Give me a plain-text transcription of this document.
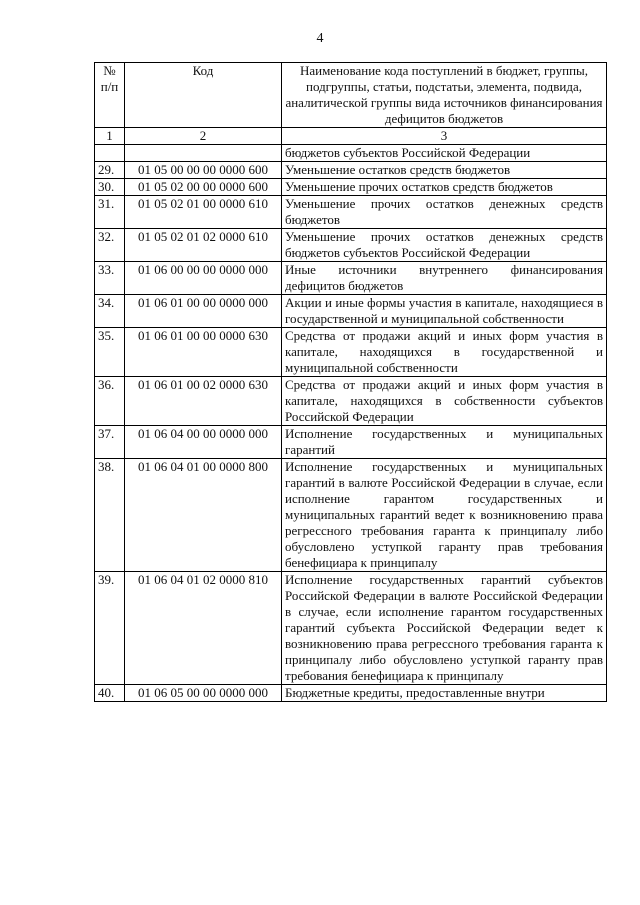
4
№ п/п	Код	Наименование кода поступлений в бюджет, группы, подгруппы, статьи, подстатьи, элемента, подвида, аналитической группы вида источников финансирования дефицитов бюджетов
1	2	3
		бюджетов субъектов Российской Федерации
29.	01 05 00 00 00 0000 600	Уменьшение остатков средств бюджетов
30.	01 05 02 00 00 0000 600	Уменьшение прочих остатков средств бюджетов
31.	01 05 02 01 00 0000 610	Уменьшение прочих остатков денежных средств бюджетов
32.	01 05 02 01 02 0000 610	Уменьшение прочих остатков денежных средств бюджетов субъектов Российской Федерации
33.	01 06 00 00 00 0000 000	Иные источники внутреннего финансирования дефицитов бюджетов
34.	01 06 01 00 00 0000 000	Акции и иные формы участия в капитале, находящиеся в государственной и муниципальной собственности
35.	01 06 01 00 00 0000 630	Средства от продажи акций и иных форм участия в капитале, находящихся в государственной и муниципальной собственности
36.	01 06 01 00 02 0000 630	Средства от продажи акций и иных форм участия в капитале, находящихся в собственности субъектов Российской Федерации
37.	01 06 04 00 00 0000 000	Исполнение государственных и муниципальных гарантий
38.	01 06 04 01 00 0000 800	Исполнение государственных и муниципальных гарантий в валюте Российской Федерации в случае, если исполнение гарантом государственных и муниципальных гарантий ведет к возникновению права регрессного требования гаранта к принципалу либо обусловлено уступкой гаранту прав требования бенефициара к принципалу
39.	01 06 04 01 02 0000 810	Исполнение государственных гарантий субъектов Российской Федерации в валюте Российской Федерации в случае, если исполнение гарантом государственных гарантий субъекта Российской Федерации ведет к возникновению права регрессного требования гаранта к принципалу либо обусловлено уступкой гаранту прав требования бенефициара к принципалу
40.	01 06 05 00 00 0000 000	Бюджетные кредиты, предоставленные внутри
